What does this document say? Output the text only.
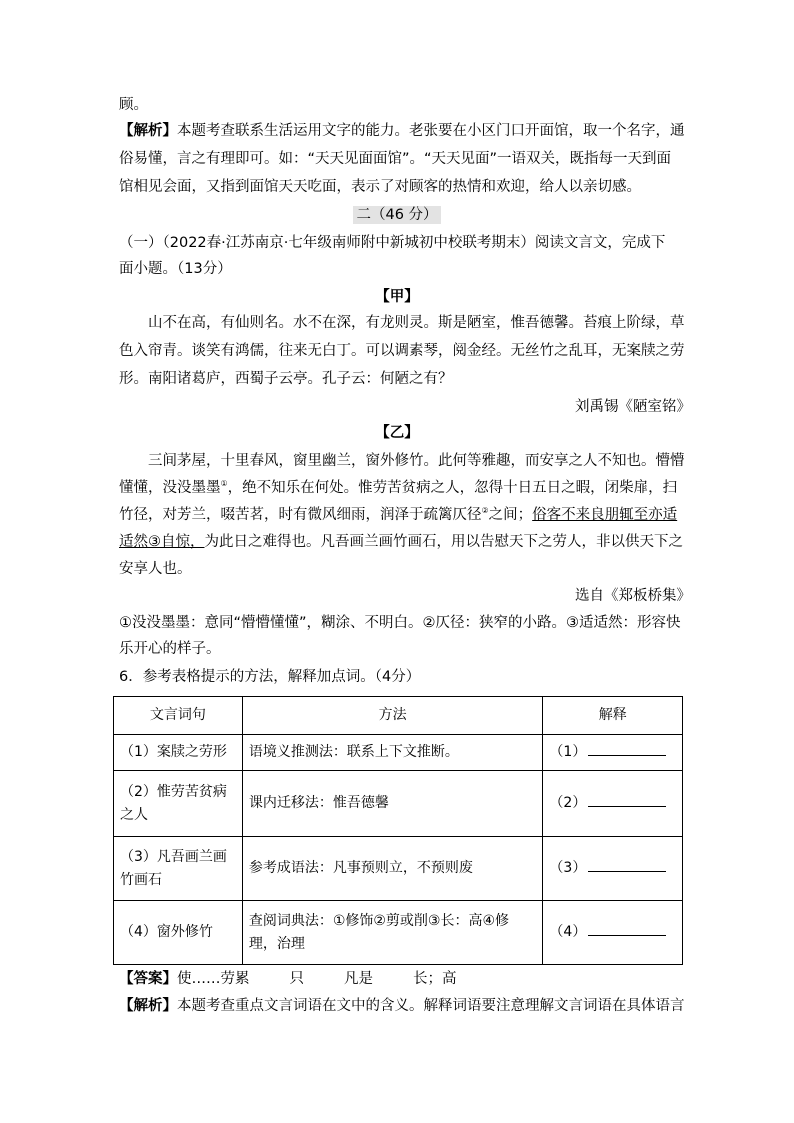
顾。
【解析】本题考查联系生活运用文字的能力。老张要在小区门口开面馆，取一个名字，通
俗易懂，言之有理即可。如：“天天见面面馆”。“天天见面”一语双关，既指每一天到面
馆相见会面，又指到面馆天天吃面，表示了对顾客的热情和欢迎，给人以亲切感。
二（46 分）
（一）（2022春·江苏南京·七年级南师附中新城初中校联考期末）阅读文言文，完成下
面小题。（13分）
【甲】
山不在高，有仙则名。水不在深，有龙则灵。斯是陋室，惟吾德馨。苔痕上阶绿，草
色入帘青。谈笑有鸿儒，往来无白丁。可以调素琴，阅金经。无丝竹之乱耳，无案牍之劳
形。南阳诸葛庐，西蜀子云亭。孔子云：何陋之有？
刘禹锡《陋室铭》
【乙】
三间茅屋，十里春风，窗里幽兰，窗外修竹。此何等雅趣，而安享之人不知也。懵懵
懂懂，没没墨墨①，绝不知乐在何处。惟劳苦贫病之人，忽得十日五日之暇，闭柴扉，扫
竹径，对芳兰，啜苦茗，时有微风细雨，润泽于疏篱仄径②之间；俗客不来良朋辄至亦适
适然③自惊，为此日之难得也。凡吾画兰画竹画石，用以告慰天下之劳人，非以供天下之
安享人也。
选自《郑板桥集》
①没没墨墨：意同“懵懵懂懂”，糊涂、不明白。②仄径：狭窄的小路。③适适然：形容快
乐开心的样子。
6．参考表格提示的方法，解释加点词。（4分）
文言词句	方法	解释
（1）案牍之劳形	语境义推测法：联系上下文推断。	（1）
（2）惟劳苦贫病之人	课内迁移法：惟吾德馨	（2）
（3）凡吾画兰画竹画石	参考成语法：凡事预则立，不预则废	（3）
（4）窗外修竹	查阅词典法：①修饰②剪或削③长：高④修理，治理	（4）
【答案】使……劳累	只	凡是	长；高
【解析】本题考查重点文言词语在文中的含义。解释词语要注意理解文言词语在具体语言
